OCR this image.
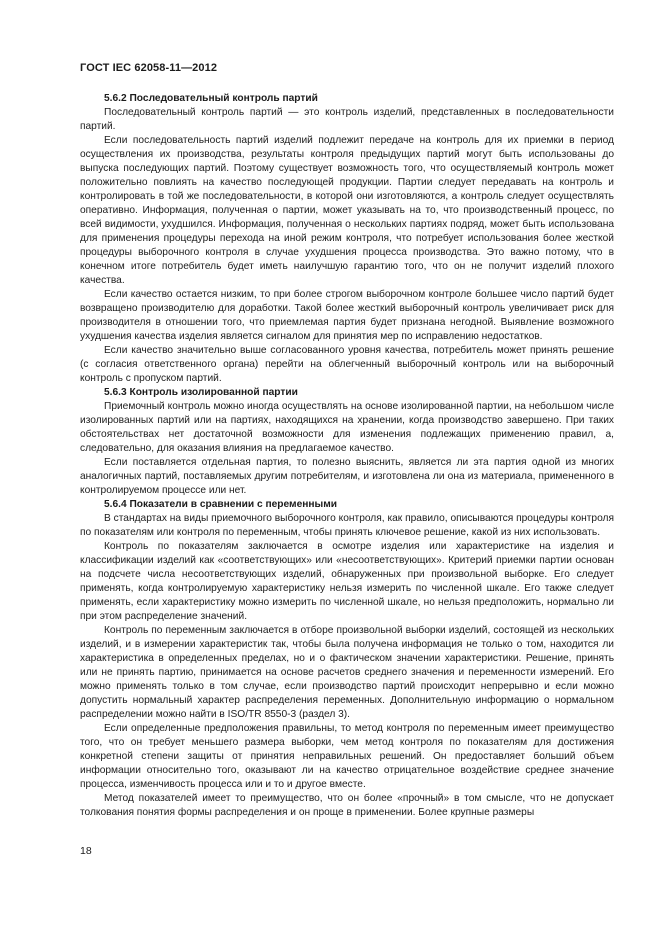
ГОСТ IEC 62058-11—2012

5.6.2 Последовательный контроль партий

Последовательный контроль партий — это контроль изделий, представленных в последовательности партий.

Если последовательность партий изделий подлежит передаче на контроль для их приемки в период осуществления их производства, результаты контроля предыдущих партий могут быть использованы до выпуска последующих партий. Поэтому существует возможность того, что осуществляемый контроль может положительно повлиять на качество последующей продукции. Партии следует передавать на контроль и контролировать в той же последовательности, в которой они изготовляются, а контроль следует осуществлять оперативно. Информация, полученная о партии, может указывать на то, что производственный процесс, по всей видимости, ухудшился. Информация, полученная о нескольких партиях подряд, может быть использована для применения процедуры перехода на иной режим контроля, что потребует использования более жесткой процедуры выборочного контроля в случае ухудшения процесса производства. Это важно потому, что в конечном итоге потребитель будет иметь наилучшую гарантию того, что он не получит изделий плохого качества.

Если качество остается низким, то при более строгом выборочном контроле большее число партий будет возвращено производителю для доработки. Такой более жесткий выборочный контроль увеличивает риск для производителя в отношении того, что приемлемая партия будет признана негодной. Выявление возможного ухудшения качества изделия является сигналом для принятия мер по исправлению недостатков.

Если качество значительно выше согласованного уровня качества, потребитель может принять решение (с согласия ответственного органа) перейти на облегченный выборочный контроль или на выборочный контроль с пропуском партий.

5.6.3 Контроль изолированной партии

Приемочный контроль можно иногда осуществлять на основе изолированной партии, на небольшом числе изолированных партий или на партиях, находящихся на хранении, когда производство завершено. При таких обстоятельствах нет достаточной возможности для изменения подлежащих применению правил, а, следовательно, для оказания влияния на предлагаемое качество.

Если поставляется отдельная партия, то полезно выяснить, является ли эта партия одной из многих аналогичных партий, поставляемых другим потребителям, и изготовлена ли она из материала, примененного в контролируемом процессе или нет.

5.6.4 Показатели в сравнении с переменными

В стандартах на виды приемочного выборочного контроля, как правило, описываются процедуры контроля по показателям или контроля по переменным, чтобы принять ключевое решение, какой из них использовать.

Контроль по показателям заключается в осмотре изделия или характеристике на изделия и классификации изделий как «соответствующих» или «несоответствующих». Критерий приемки партии основан на подсчете числа несоответствующих изделий, обнаруженных при произвольной выборке. Его следует применять, когда контролируемую характеристику нельзя измерить по численной шкале. Его также следует применять, если характеристику можно измерить по численной шкале, но нельзя предположить, нормально ли при этом распределение значений.

Контроль по переменным заключается в отборе произвольной выборки изделий, состоящей из нескольких изделий, и в измерении характеристик так, чтобы была получена информация не только о том, находится ли характеристика в определенных пределах, но и о фактическом значении характеристики. Решение, принять или не принять партию, принимается на основе расчетов среднего значения и переменности измерений. Его можно применять только в том случае, если производство партий происходит непрерывно и если можно допустить нормальный характер распределения переменных. Дополнительную информацию о нормальном распределении можно найти в ISO/TR 8550-3 (раздел 3).

Если определенные предположения правильны, то метод контроля по переменным имеет преимущество того, что он требует меньшего размера выборки, чем метод контроля по показателям для достижения конкретной степени защиты от принятия неправильных решений. Он предоставляет больший объем информации относительно того, оказывают ли на качество отрицательное воздействие среднее значение процесса, изменчивость процесса или и то и другое вместе.

Метод показателей имеет то преимущество, что он более «прочный» в том смысле, что не допускает толкования понятия формы распределения и он проще в применении. Более крупные размеры

18
